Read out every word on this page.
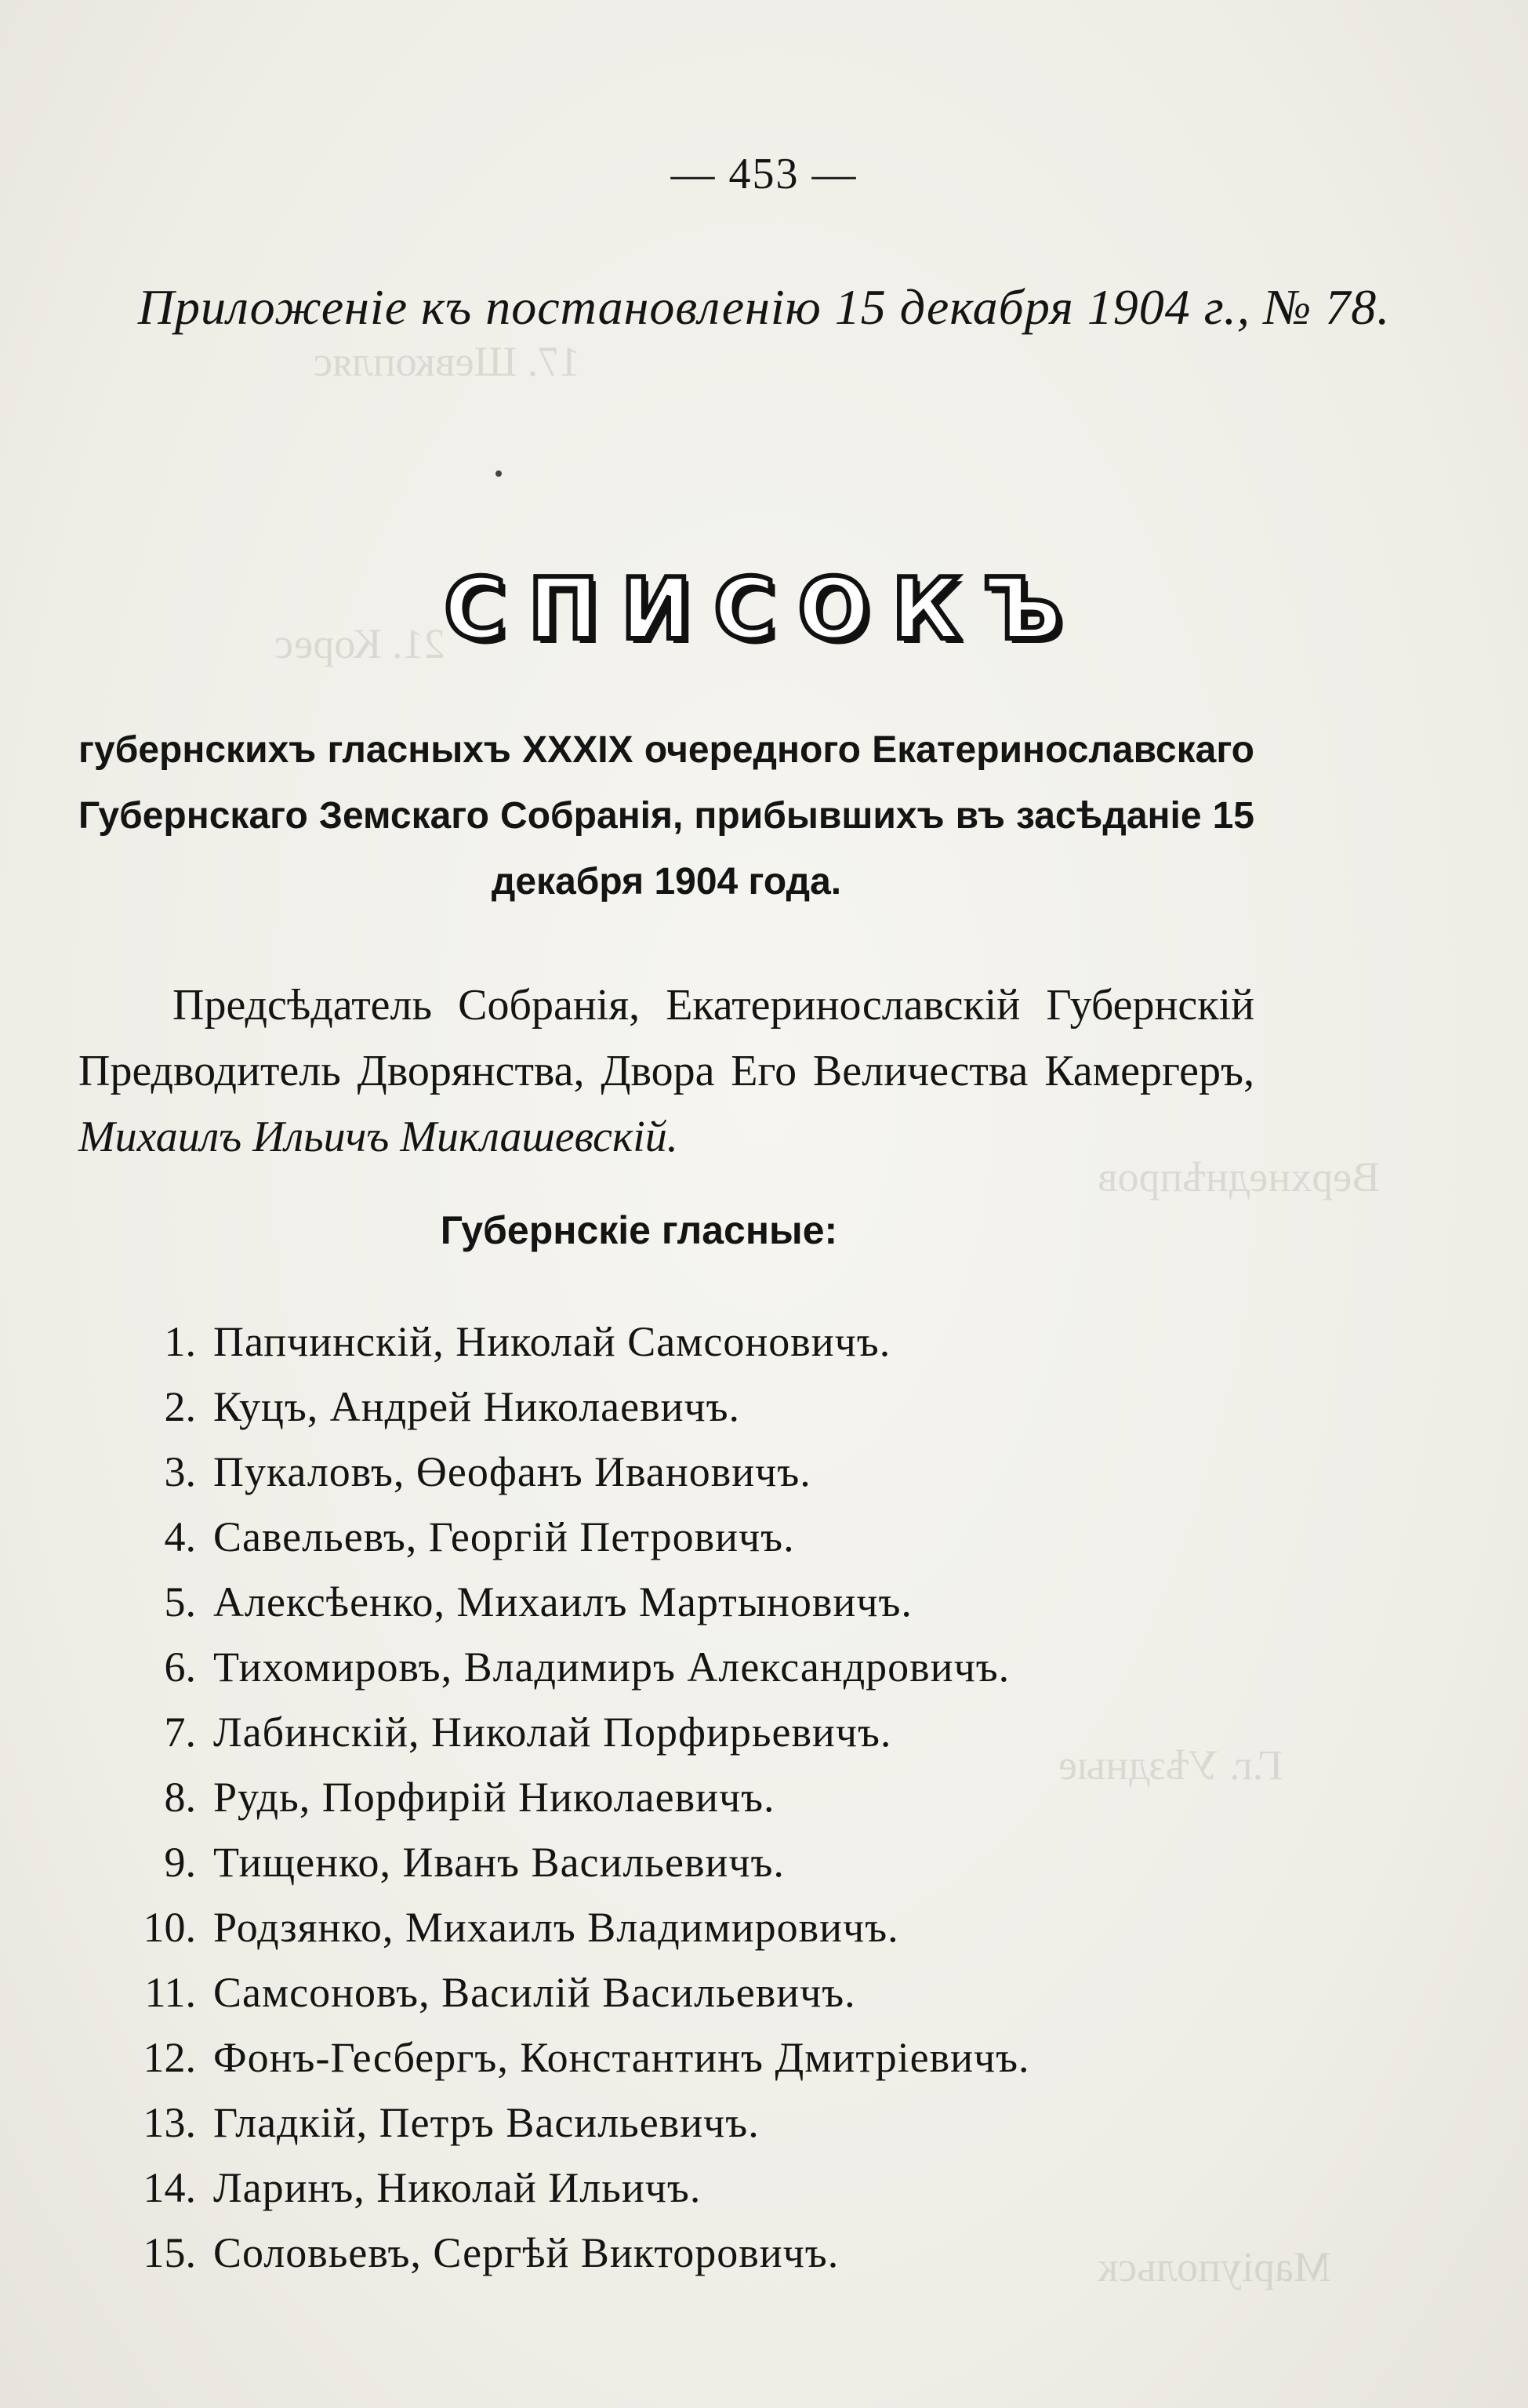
17. Шевкопляс
21. Корес
Верхнеднѣпров
Г.г. Уѣздные
Маріупольск
— 453 —
Приложеніе къ постановленію 15 декабря 1904 г., № 78.
СПИСОКЪ
губернскихъ гласныхъ XXXIX очередного Екатеринославскаго Губернскаго Земскаго Собранія, прибывшихъ въ засѣданіе 15 декабря 1904 года.
Предсѣдатель Собранія, Екатеринославскій Губернскій Предводитель Дворянства, Двора Его Величества Камергеръ, Михаилъ Ильичъ Миклашевскій.
Губернскіе гласные:
1. Папчинскій, Николай Самсоновичъ.
2. Куцъ, Андрей Николаевичъ.
3. Пукаловъ, Өеофанъ Ивановичъ.
4. Савельевъ, Георгій Петровичъ.
5. Алексѣенко, Михаилъ Мартыновичъ.
6. Тихомировъ, Владимиръ Александровичъ.
7. Лабинскій, Николай Порфирьевичъ.
8. Рудь, Порфирій Николаевичъ.
9. Тищенко, Иванъ Васильевичъ.
10. Родзянко, Михаилъ Владимировичъ.
11. Самсоновъ, Василій Васильевичъ.
12. Фонъ-Гесбергъ, Константинъ Дмитріевичъ.
13. Гладкій, Петръ Васильевичъ.
14. Ларинъ, Николай Ильичъ.
15. Соловьевъ, Сергѣй Викторовичъ.
